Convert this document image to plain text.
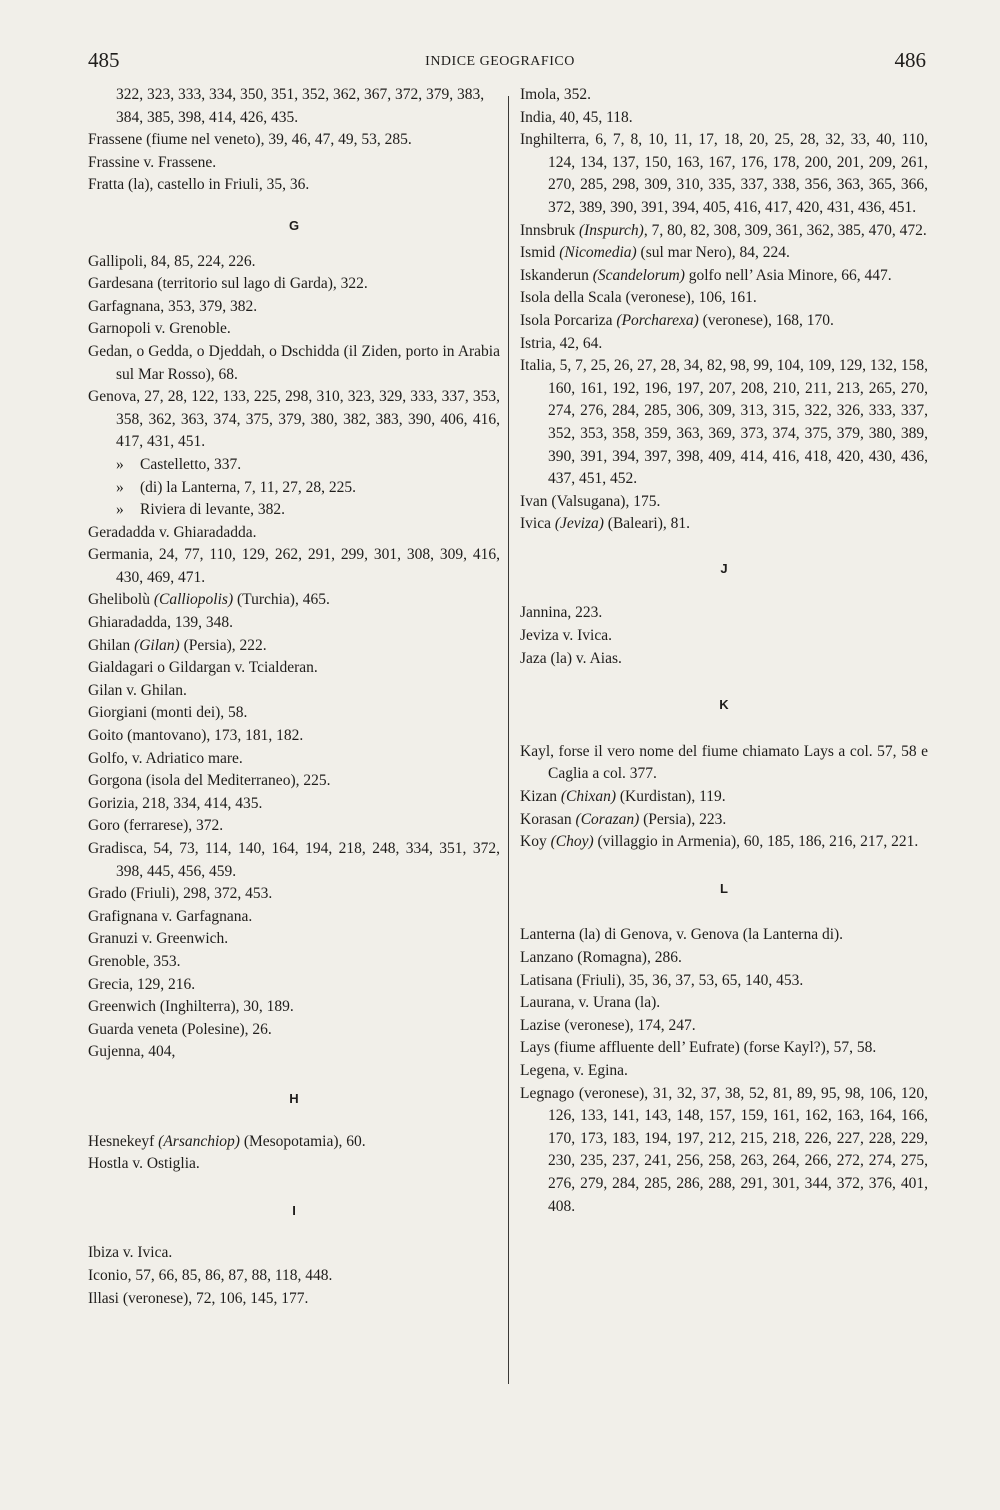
485	INDICE GEOGRAFICO	486
322, 323, 333, 334, 350, 351, 352, 362, 367, 372, 379, 383, 384, 385, 398, 414, 426, 435.
Frassene (fiume nel veneto), 39, 46, 47, 49, 53, 285.
Frassine v. Frassene.
Fratta (la), castello in Friuli, 35, 36.
G
Gallipoli, 84, 85, 224, 226.
Gardesana (territorio sul lago di Garda), 322.
Garfagnana, 353, 379, 382.
Garnopoli v. Grenoble.
Gedan, o Gedda, o Djeddah, o Dschidda (il Ziden, porto in Arabia sul Mar Rosso), 68.
Genova, 27, 28, 122, 133, 225, 298, 310, 323, 329, 333, 337, 353, 358, 362, 363, 374, 375, 379, 380, 382, 383, 390, 406, 416, 417, 431, 451.
» Castelletto, 337.
» (di) la Lanterna, 7, 11, 27, 28, 225.
» Riviera di levante, 382.
Geradadda v. Ghiaradadda.
Germania, 24, 77, 110, 129, 262, 291, 299, 301, 308, 309, 416, 430, 469, 471.
Ghelibolù (Calliopolis) (Turchia), 465.
Ghiaradadda, 139, 348.
Ghilan (Gilan) (Persia), 222.
Gialdagari o Gildargan v. Tcialderan.
Gilan v. Ghilan.
Giorgiani (monti dei), 58.
Goito (mantovano), 173, 181, 182.
Golfo, v. Adriatico mare.
Gorgona (isola del Mediterraneo), 225.
Gorizia, 218, 334, 414, 435.
Goro (ferrarese), 372.
Gradisca, 54, 73, 114, 140, 164, 194, 218, 248, 334, 351, 372, 398, 445, 456, 459.
Grado (Friuli), 298, 372, 453.
Grafignana v. Garfagnana.
Granuzi v. Greenwich.
Grenoble, 353.
Grecia, 129, 216.
Greenwich (Inghilterra), 30, 189.
Guarda veneta (Polesine), 26.
Gujenna, 404,
H
Hesnekeyf (Arsanchiop) (Mesopotamia), 60.
Hostla v. Ostiglia.
I
Ibiza v. Ivica.
Iconio, 57, 66, 85, 86, 87, 88, 118, 448.
Illasi (veronese), 72, 106, 145, 177.
Imola, 352.
India, 40, 45, 118.
Inghilterra, 6, 7, 8, 10, 11, 17, 18, 20, 25, 28, 32, 33, 40, 110, 124, 134, 137, 150, 163, 167, 176, 178, 200, 201, 209, 261, 270, 285, 298, 309, 310, 335, 337, 338, 356, 363, 365, 366, 372, 389, 390, 391, 394, 405, 416, 417, 420, 431, 436, 451.
Innsbruk (Inspurch), 7, 80, 82, 308, 309, 361, 362, 385, 470, 472.
Ismid (Nicomedia) (sul mar Nero), 84, 224.
Iskanderun (Scandelorum) golfo nell’ Asia Minore, 66, 447.
Isola della Scala (veronese), 106, 161.
Isola Porcariza (Porcharexa) (veronese), 168, 170.
Istria, 42, 64.
Italia, 5, 7, 25, 26, 27, 28, 34, 82, 98, 99, 104, 109, 129, 132, 158, 160, 161, 192, 196, 197, 207, 208, 210, 211, 213, 265, 270, 274, 276, 284, 285, 306, 309, 313, 315, 322, 326, 333, 337, 352, 353, 358, 359, 363, 369, 373, 374, 375, 379, 380, 389, 390, 391, 394, 397, 398, 409, 414, 416, 418, 420, 430, 436, 437, 451, 452.
Ivan (Valsugana), 175.
Ivica (Jeviza) (Baleari), 81.
J
Jannina, 223.
Jeviza v. Ivica.
Jaza (la) v. Aias.
K
Kayl, forse il vero nome del fiume chiamato Lays a col. 57, 58 e Caglia a col. 377.
Kizan (Chixan) (Kurdistan), 119.
Korasan (Corazan) (Persia), 223.
Koy (Choy) (villaggio in Armenia), 60, 185, 186, 216, 217, 221.
L
Lanterna (la) di Genova, v. Genova (la Lanterna di).
Lanzano (Romagna), 286.
Latisana (Friuli), 35, 36, 37, 53, 65, 140, 453.
Laurana, v. Urana (la).
Lazise (veronese), 174, 247.
Lays (fiume affluente dell’ Eufrate) (forse Kayl?), 57, 58.
Legena, v. Egina.
Legnago (veronese), 31, 32, 37, 38, 52, 81, 89, 95, 98, 106, 120, 126, 133, 141, 143, 148, 157, 159, 161, 162, 163, 164, 166, 170, 173, 183, 194, 197, 212, 215, 218, 226, 227, 228, 229, 230, 235, 237, 241, 256, 258, 263, 264, 266, 272, 274, 275, 276, 279, 284, 285, 286, 288, 291, 301, 344, 372, 376, 401, 408.
